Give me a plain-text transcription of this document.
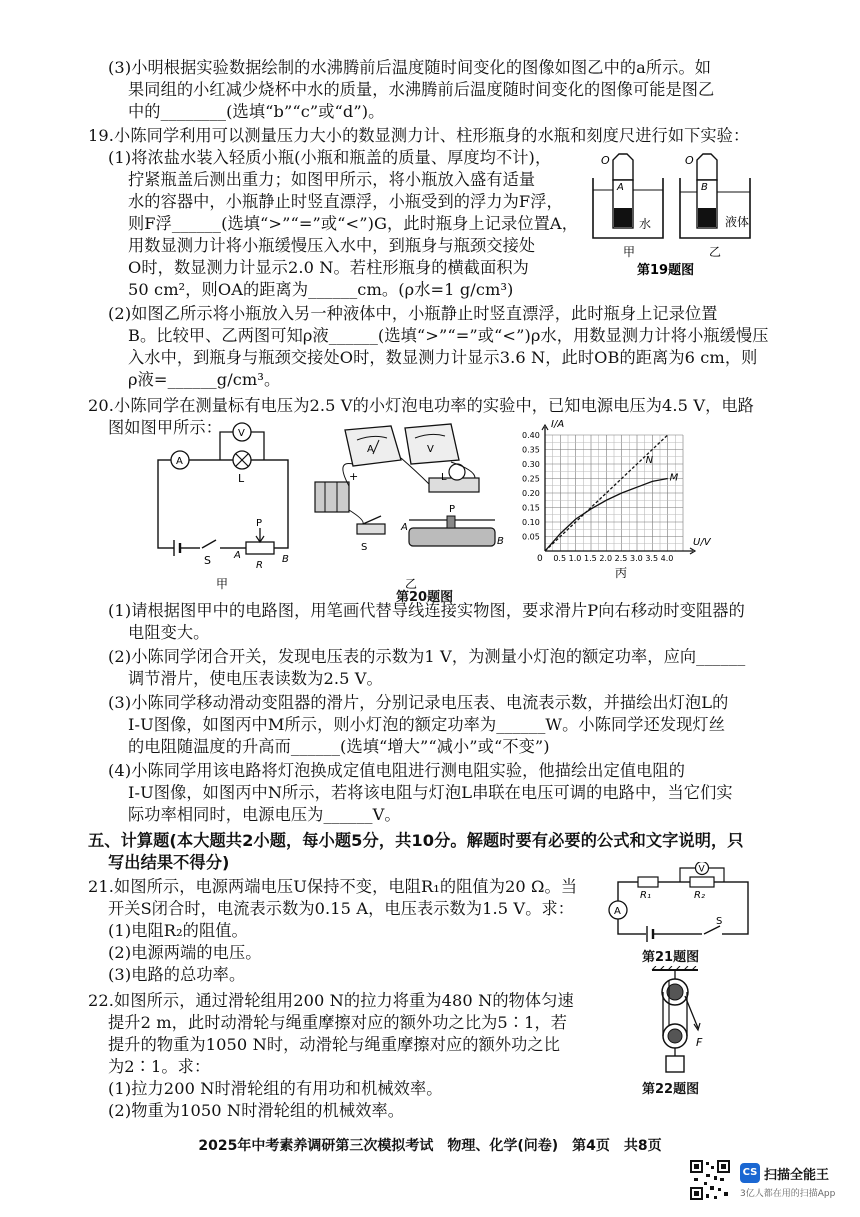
(3)小明根据实验数据绘制的水沸腾前后温度随时间变化的图像如图乙中的a所示。如
果同组的小红减少烧杯中水的质量，水沸腾前后温度随时间变化的图像可能是图乙
中的________(选填“b”“c”或“d”)。
19.小陈同学利用可以测量压力大小的数显测力计、柱形瓶身的水瓶和刻度尺进行如下实验：
(1)将浓盐水装入轻质小瓶(小瓶和瓶盖的质量、厚度均不计)，
拧紧瓶盖后测出重力；如图甲所示，将小瓶放入盛有适量
水的容器中，小瓶静止时竖直漂浮，小瓶受到的浮力为F浮，
则F浮______(选填“>”“=”或“<”)G，此时瓶身上记录位置A，
用数显测力计将小瓶缓慢压入水中，到瓶身与瓶颈交接处
O时，数显测力计显示2.0 N。若柱形瓶身的横截面积为
50 cm²，则OA的距离为______cm。(ρ水=1 g/cm³)
(2)如图乙所示将小瓶放入另一种液体中，小瓶静止时竖直漂浮，此时瓶身上记录位置
B。比较甲、乙两图可知ρ液______(选填“>”“=”或“<”)ρ水，用数显测力计将小瓶缓慢压
入水中，到瓶身与瓶颈交接处O时，数显测力计显示3.6 N，此时OB的距离为6 cm，则
ρ液=______g/cm³。
20.小陈同学在测量标有电压为2.5 V的小灯泡电功率的实验中，已知电源电压为4.5 V，电路
图如图甲所示：
(1)请根据图甲中的电路图，用笔画代替导线连接实物图，要求滑片P向右移动时变阻器的
电阻变大。
(2)小陈同学闭合开关，发现电压表的示数为1 V，为测量小灯泡的额定功率，应向______
调节滑片，使电压表读数为2.5 V。
(3)小陈同学移动滑动变阻器的滑片，分别记录电压表、电流表示数，并描绘出灯泡L的
I-U图像，如图丙中M所示，则小灯泡的额定功率为______W。小陈同学还发现灯丝
的电阻随温度的升高而______(选填“增大”“减小”或“不变”)
(4)小陈同学用该电路将灯泡换成定值电阻进行测电阻实验，他描绘出定值电阻的
I-U图像，如图丙中N所示，若将该电阻与灯泡L串联在电压可调的电路中，当它们实
际功率相同时，电源电压为______V。
五、计算题(本大题共2小题，每小题5分，共10分。解题时要有必要的公式和文字说明，只
写出结果不得分)
21.如图所示，电源两端电压U保持不变，电阻R₁的阻值为20 Ω。当
开关S闭合时，电流表示数为0.15 A，电压表示数为1.5 V。求：
(1)电阻R₂的阻值。
(2)电源两端的电压。
(3)电路的总功率。
22.如图所示，通过滑轮组用200 N的拉力将重为480 N的物体匀速
提升2 m，此时动滑轮与绳重摩擦对应的额外功之比为5∶1，若
提升的物重为1050 N时，动滑轮与绳重摩擦对应的额外功之比
为2∶1。求：
(1)拉力200 N时滑轮组的有用功和机械效率。
(2)物重为1050 N时滑轮组的机械效率。
O
A
水
O
B
液体
甲	乙
第19题图
A
L
V
S
P
A
R
B
甲
A	V
L
+
S
P
A
B
乙
I/A
U/V
0 0.5 1.0 1.5 2.0 2.5 3.0 3.5 4.0
0.05
0.10
0.15
0.20
0.25
0.30
0.35
0.40
M
N
丙
第20题图
A
R₁	R₂
V
S
第21题图
F
第22题图
2025年中考素养调研第三次模拟考试　物理、化学(问卷)　第4页　共8页
CS 扫描全能王
3亿人都在用的扫描App
